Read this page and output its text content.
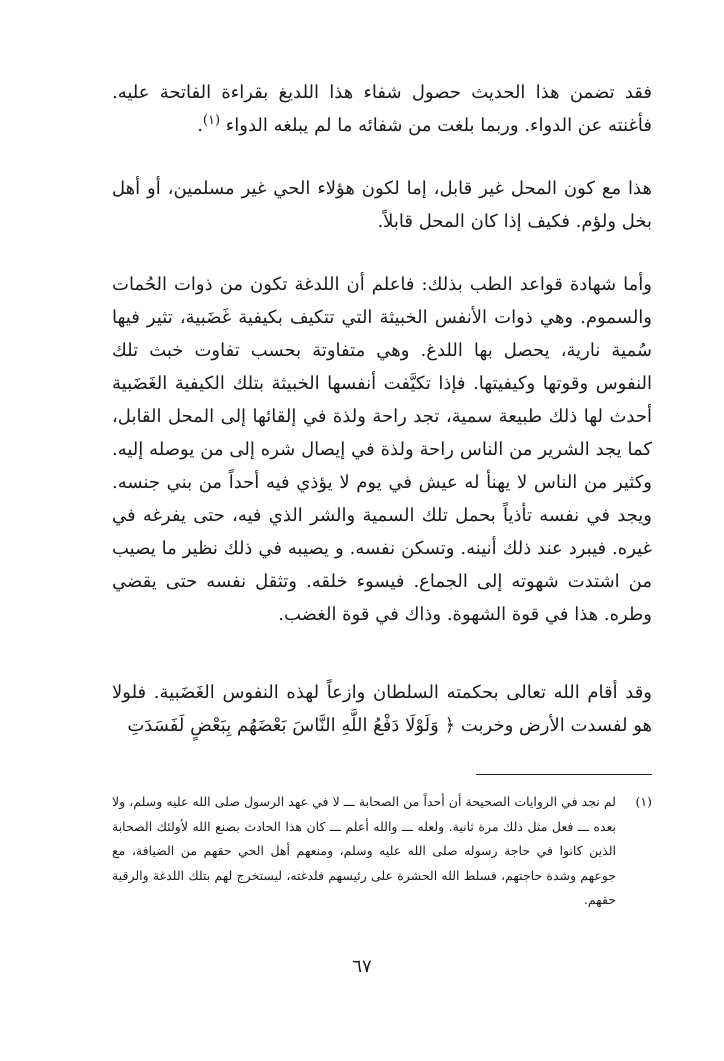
فقد تضمن هذا الحديث حصول شفاء هذا اللديغ بقراءة الفاتحة عليه. فأغنته عن الدواء. وربما بلغت من شفائه ما لم يبلغه الدواء $^{(١)}$.

هذا مع كون المحل غير قابل، إما لكون هؤلاء الحي غير مسلمين، أو أهل بخل ولؤم. فكيف إذا كان المحل قابلاً.

وأما شهادة قواعد الطب بذلك: فاعلم أن اللدغة تكون من ذوات الحُمات والسموم. وهي ذوات الأنفس الخبيثة التي تتكيف بكيفية غَضَبية، تثير فيها سُمية نارية، يحصل بها اللدغ. وهي متفاوتة بحسب تفاوت خبث تلك النفوس وقوتها وكيفيتها. فإذا تكيَّفت أنفسها الخبيثة بتلك الكيفية الغَضَبية أحدث لها ذلك طبيعة سمية، تجد راحة ولذة في إلقائها إلى المحل القابل، كما يجد الشرير من الناس راحة ولذة في إيصال شره إلى من يوصله إليه. وكثير من الناس لا يهنأ له عيش في يوم لا يؤذي فيه أحداً من بني جنسه. ويجد في نفسه تأذياً بحمل تلك السمية والشر الذي فيه، حتى يفرغه في غيره. فيبرد عند ذلك أنينه. وتسكن نفسه. و يصيبه في ذلك نظير ما يصيب من اشتدت شهوته إلى الجماع. فيسوء خلقه. وتثقل نفسه حتى يقضي وطره. هذا في قوة الشهوة. وذاك في قوة الغضب.

وقد أقام الله تعالى بحكمته السلطان وازعاً لهذه النفوس الغَضَبية. فلولا هو لفسدت الأرض وخربت ﴿ وَلَوْلَا دَفْعُ اللَّهِ النَّاسَ بَعْضَهُم بِبَعْضٍ لَفَسَدَتِ

(١)
لم نجد في الروايات الصحيحة أن أحداً من الصحابة ـــ لا في عهد الرسول صلى الله عليه وسلم، ولا بعده ـــ فعل مثل ذلك مرة ثانية. ولعله ـــ والله أعلم ـــ كان هذا الحادث بصنع الله لأولئك الصحابة الذين كانوا في حاجة رسوله صلى الله عليه وسلم، ومنعهم أهل الحي حقهم من الضيافة، مع جوعهم وشدة حاجتهم، فسلط الله الحشرة على رئيسهم فلدغته، ليستخرج لهم بتلك اللدغة والرقية حقهم.
٦٧
